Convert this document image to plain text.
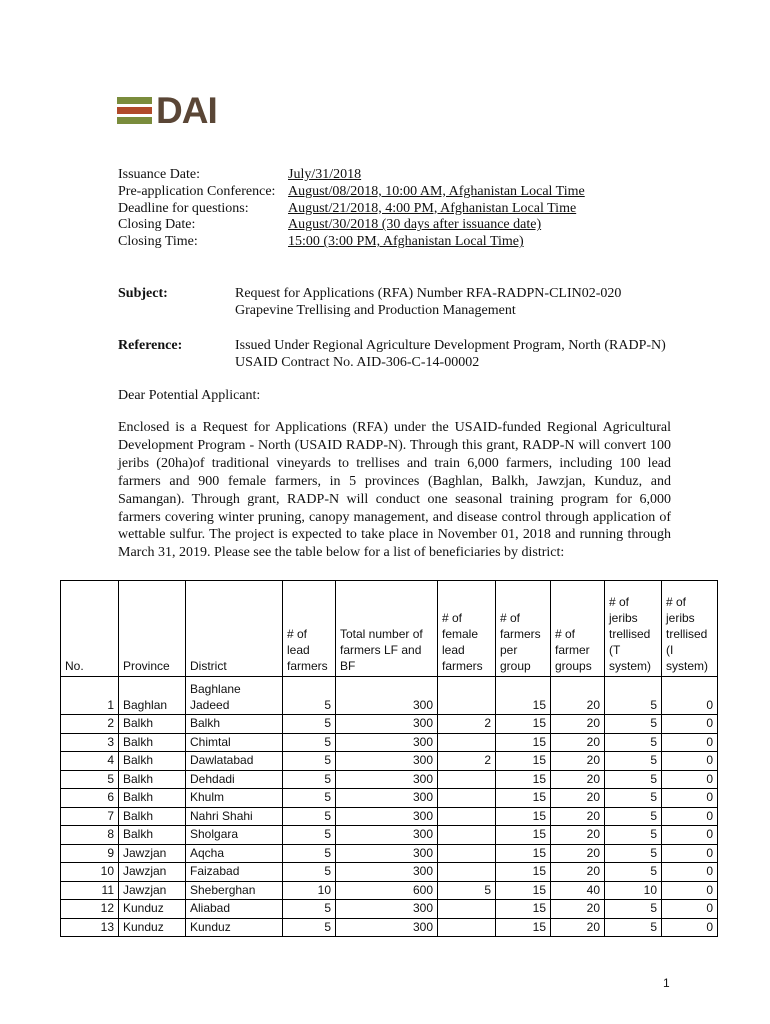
DAI
Issuance Date:	July/31/2018
Pre-application Conference: August/08/2018, 10:00 AM, Afghanistan Local Time
Deadline for questions:	August/21/2018, 4:00 PM, Afghanistan Local Time
Closing Date:	August/30/2018 (30 days after issuance date)
Closing Time:	15:00 (3:00 PM, Afghanistan Local Time)
Subject:	Request for Applications (RFA) Number RFA-RADPN-CLIN02-020
Grapevine Trellising and Production Management
Reference:	Issued Under Regional Agriculture Development Program, North (RADP-N)
USAID Contract No. AID-306-C-14-00002
Dear Potential Applicant:
Enclosed is a Request for Applications (RFA) under the USAID-funded Regional Agricultural Development Program - North (USAID RADP-N). Through this grant, RADP-N will convert 100 jeribs (20ha)of traditional vineyards to trellises and train 6,000 farmers, including 100 lead farmers and 900 female farmers, in 5 provinces (Baghlan, Balkh, Jawzjan, Kunduz, and Samangan). Through grant, RADP-N will conduct one seasonal training program for 6,000 farmers covering winter pruning, canopy management, and disease control through application of wettable sulfur. The project is expected to take place in November 01, 2018 and running through March 31, 2019. Please see the table below for a list of beneficiaries by district:
No.	Province	District	# of lead farmers	Total number of farmers LF and BF	# of female lead farmers	# of farmers per group	# of farmer groups	# of jeribs trellised (T system)	# of jeribs trellised (I system)
1	Baghlan	Baghlane Jadeed	5	300		15	20	5	0
2	Balkh	Balkh	5	300	2	15	20	5	0
3	Balkh	Chimtal	5	300		15	20	5	0
4	Balkh	Dawlatabad	5	300	2	15	20	5	0
5	Balkh	Dehdadi	5	300		15	20	5	0
6	Balkh	Khulm	5	300		15	20	5	0
7	Balkh	Nahri Shahi	5	300		15	20	5	0
8	Balkh	Sholgara	5	300		15	20	5	0
9	Jawzjan	Aqcha	5	300		15	20	5	0
10	Jawzjan	Faizabad	5	300		15	20	5	0
11	Jawzjan	Sheberghan	10	600	5	15	40	10	0
12	Kunduz	Aliabad	5	300		15	20	5	0
13	Kunduz	Kunduz	5	300		15	20	5	0
1
